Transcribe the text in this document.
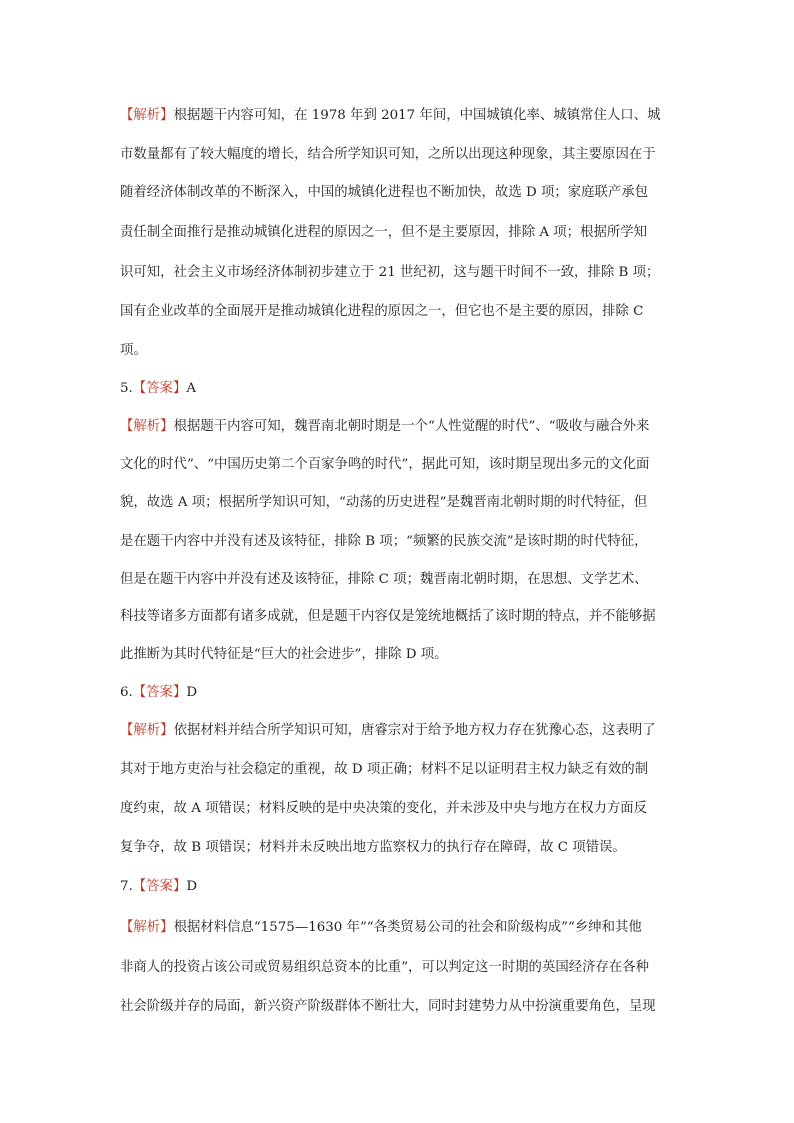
【解析】根据题干内容可知，在 1978 年到 2017 年间，中国城镇化率、城镇常住人口、城
市数量都有了较大幅度的增长，结合所学知识可知，之所以出现这种现象，其主要原因在于
随着经济体制改革的不断深入，中国的城镇化进程也不断加快，故选 D 项；家庭联产承包
责任制全面推行是推动城镇化进程的原因之一，但不是主要原因，排除 A 项；根据所学知
识可知，社会主义市场经济体制初步建立于 21 世纪初，这与题干时间不一致，排除 B 项；
国有企业改革的全面展开是推动城镇化进程的原因之一，但它也不是主要的原因，排除 C
项。
5.【答案】A
【解析】根据题干内容可知，魏晋南北朝时期是一个“人性觉醒的时代”、“吸收与融合外来
文化的时代”、“中国历史第二个百家争鸣的时代”，据此可知，该时期呈现出多元的文化面
貌，故选 A 项；根据所学知识可知，“动荡的历史进程”是魏晋南北朝时期的时代特征，但
是在题干内容中并没有述及该特征，排除 B 项；“频繁的民族交流”是该时期的时代特征，
但是在题干内容中并没有述及该特征，排除 C 项；魏晋南北朝时期，在思想、文学艺术、
科技等诸多方面都有诸多成就，但是题干内容仅是笼统地概括了该时期的特点，并不能够据
此推断为其时代特征是“巨大的社会进步”，排除 D 项。
6.【答案】D
【解析】依据材料并结合所学知识可知，唐睿宗对于给予地方权力存在犹豫心态，这表明了
其对于地方吏治与社会稳定的重视，故 D 项正确；材料不足以证明君主权力缺乏有效的制
度约束，故 A 项错误；材料反映的是中央决策的变化，并未涉及中央与地方在权力方面反
复争夺，故 B 项错误；材料并未反映出地方监察权力的执行存在障碍，故 C 项错误。
7.【答案】D
【解析】根据材料信息“1575—1630 年”“各类贸易公司的社会和阶级构成”“乡绅和其他
非商人的投资占该公司或贸易组织总资本的比重”，可以判定这一时期的英国经济存在各种
社会阶级并存的局面，新兴资产阶级群体不断壮大，同时封建势力从中扮演重要角色，呈现
